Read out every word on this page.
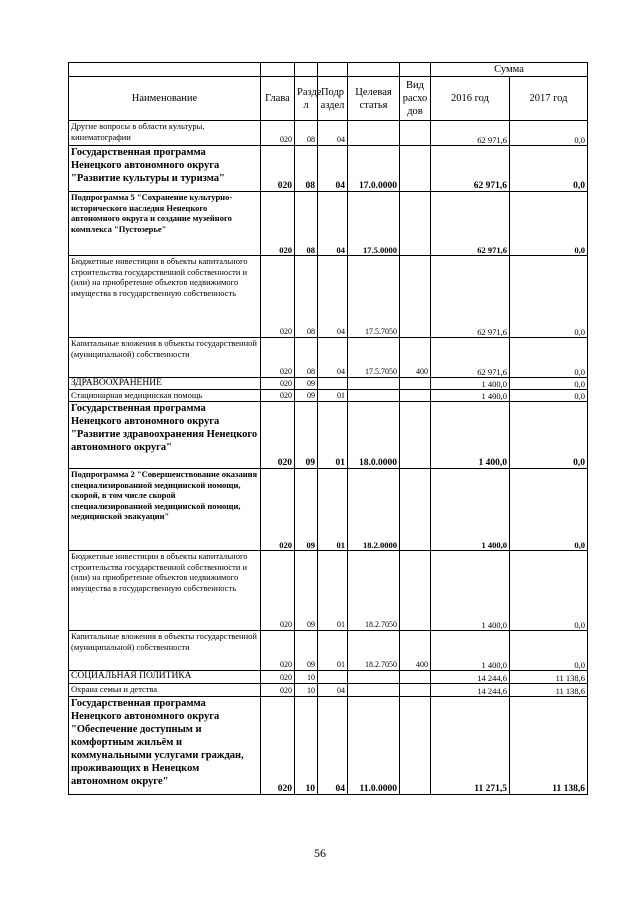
						Сумма	
Наименование	Глава	Разде л	Подр аздел	Целевая статья	Вид расхо дов	2016 год	2017 год
Другие вопросы в области культуры, кинематографии	020	08	04			62 971,6	0,0
Государственная программа Ненецкого автономного округа "Развитие культуры и туризма"	020	08	04	17.0.0000		62 971,6	0,0
Подпрограмма 5 "Сохранение культурно-исторического наследия Ненецкого автономного округа и создание музейного комплекса "Пустозерье"	020	08	04	17.5.0000		62 971,6	0,0
Бюджетные инвестиции в объекты капитального строительства государственной собственности и (или) на приобретение объектов недвижимого имущества в государственную собственность	020	08	04	17.5.7050		62 971,6	0,0
Капитальные вложения в объекты государственной (муниципальной) собственности	020	08	04	17.5.7050	400	62 971,6	0,0
ЗДРАВООХРАНЕНИЕ	020	09				1 400,0	0,0
Стационарная медицинская помощь	020	09	01			1 400,0	0,0
Государственная программа Ненецкого автономного округа "Развитие здравоохранения Ненецкого автономного округа"	020	09	01	18.0.0000		1 400,0	0,0
Подпрограмма 2 "Совершенствование оказания специализированной медицинской помощи, скорой, в том числе скорой специализированной медицинской помощи, медицинской эвакуации"	020	09	01	18.2.0000		1 400,0	0,0
Бюджетные инвестиции в объекты капитального строительства государственной собственности и (или) на приобретение объектов недвижимого имущества в государственную собственность	020	09	01	18.2.7050		1 400,0	0,0
Капитальные вложения в объекты государственной (муниципальной) собственности	020	09	01	18.2.7050	400	1 400,0	0,0
СОЦИАЛЬНАЯ ПОЛИТИКА	020	10				14 244,6	11 138,6
Охрана семьи и детства	020	10	04			14 244,6	11 138,6
Государственная программа Ненецкого автономного округа "Обеспечение доступным и комфортным жильём и коммунальными услугами граждан, проживающих в Ненецком автономном округе"	020	10	04	11.0.0000		11 271,5	11 138,6
56
